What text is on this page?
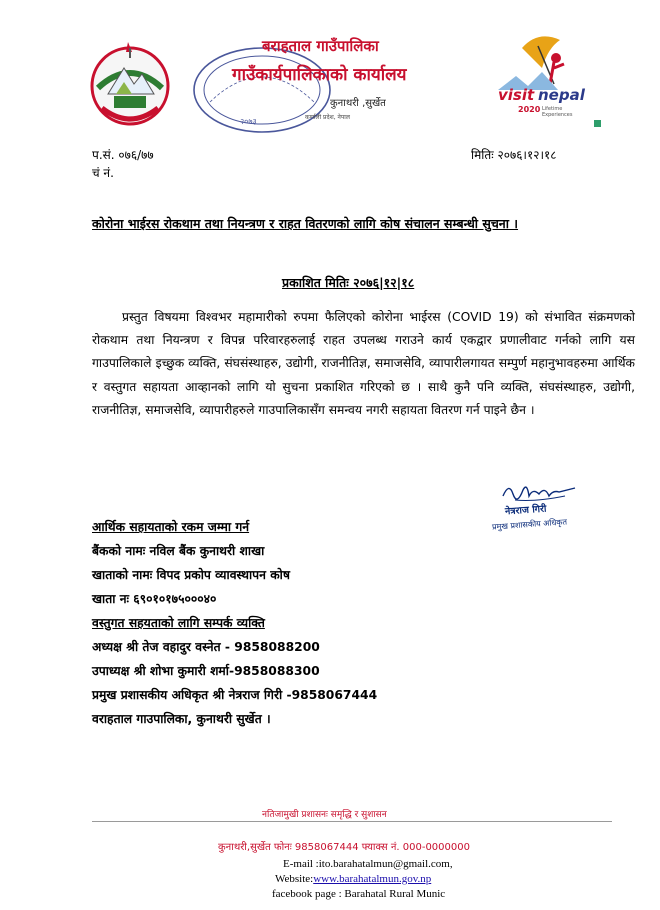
२०७३
बराहताल गाउँपालिका
गाउँकार्यपालिकाको कार्यालय
कुनाथरी ,सुर्खेत
कर्णाली प्रदेश, नेपाल
visit nepal
2020 Lifetime
Experiences
प.सं. ०७६/७७
चं नं.
मितिः २०७६।१२।१८
कोरोना भाईरस रोकथाम तथा नियन्त्रण र राहत वितरणको लागि कोष संचालन सम्बन्धी सुचना ।
प्रकाशित मितिः २०७६|१२|१८
प्रस्तुत विषयमा विश्वभर महामारीको रुपमा फैलिएको कोरोना भाईरस (COVID 19) को संभावित संक्रमणको रोकथाम तथा नियन्त्रण र विपन्न परिवारहरुलाई राहत उपलब्ध गराउने कार्य एकद्वार प्रणालीवाट गर्नको लागि यस गाउपालिकाले इच्छुक व्यक्ति, संघसंस्थाहरु, उद्योगी, राजनीतिज्ञ, समाजसेवि, व्यापारीलगायत सम्पुर्ण महानुभावहरुमा आर्थिक र वस्तुगत सहायता आव्हानको लागि यो सुचना प्रकाशित गरिएको छ । साथै कुनै पनि व्यक्ति, संघसंस्थाहरु, उद्योगी, राजनीतिज्ञ, समाजसेवि, व्यापारीहरुले गाउपालिकासँग समन्वय नगरी सहायता वितरण गर्न पाइने छैन ।
नेत्रराज गिरी
प्रमुख प्रशासकीय अधिकृत
आर्थिक सहायताको रकम जम्मा गर्न
बैंकको नामः नविल बैंक कुनाथरी शाखा
खाताको नामः विपद प्रकोप व्यावस्थापन कोष
खाता नः ६९०१०१७५०००४०
वस्तुगत सहयताको लागि सम्पर्क व्यक्ति
अध्यक्ष श्री तेज वहादुर वस्नेत - 9858088200
उपाध्यक्ष श्री शोभा कुमारी शर्मा-9858088300
प्रमुख प्रशासकीय अधिकृत श्री नेत्रराज गिरी -9858067444
वराहताल गाउपालिका, कुनाथरी सुर्खेत ।
नतिजामुखी प्रशासनः समृद्धि र सुशासन
कुनाथरी,सुर्खेत फोनः 9858067444 फ्याक्स नं. 000-0000000
E-mail :ito.barahatalmun@gmail.com,
Website:www.barahatalmun.gov.np
facebook page : Barahatal Rural Munic
